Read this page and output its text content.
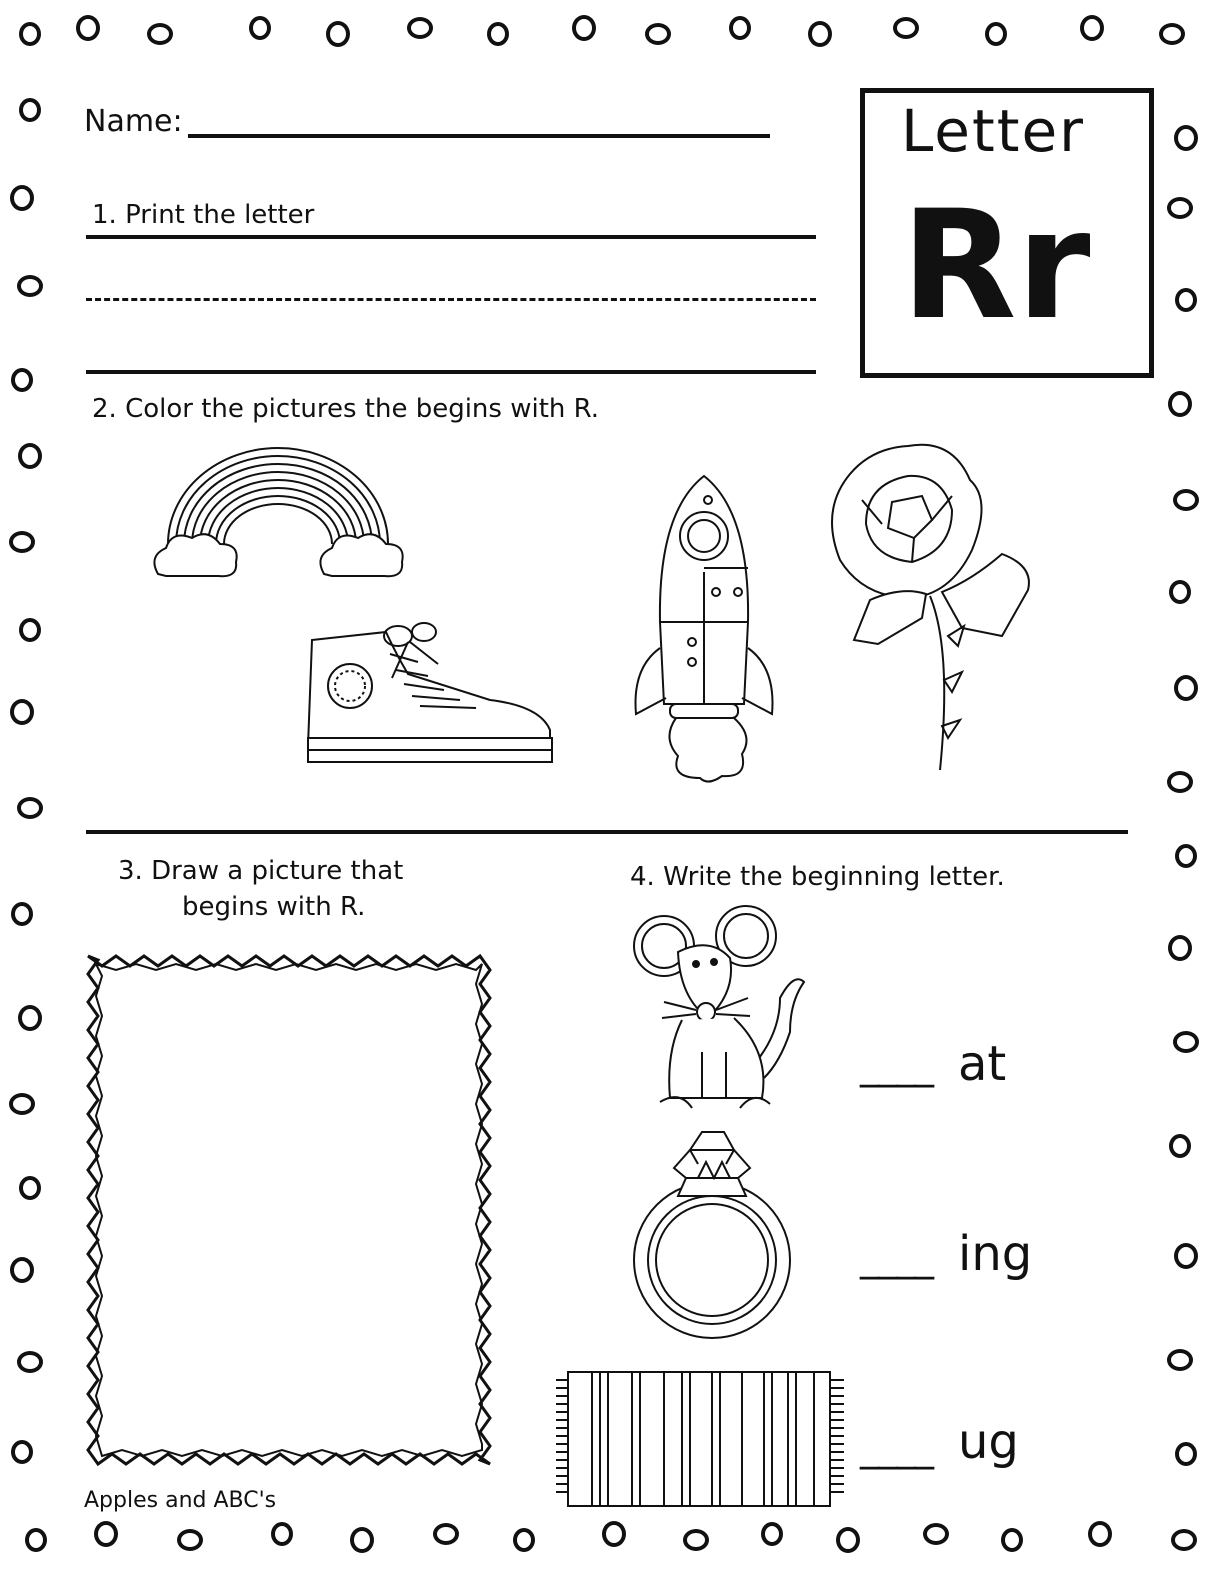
Name:	Letter
Rr
1. Print the letter
2. Color the pictures the begins with R.
3. Draw a picture that
begins with R.
4. Write the beginning letter.
____ at
____ ing
____ ug
Apples and ABC's
